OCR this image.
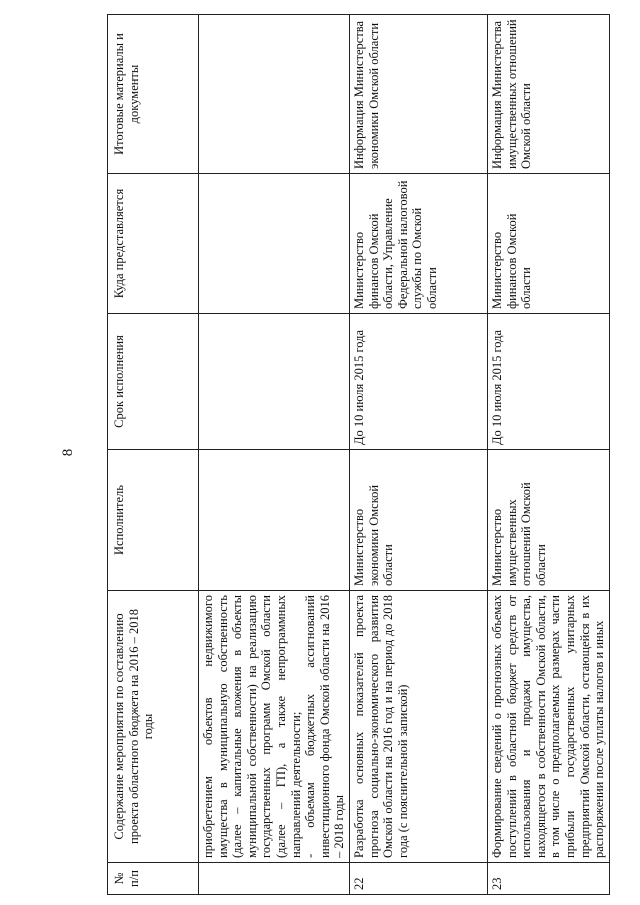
8
№ п/п	Содержание мероприятия по составлению проекта областного бюджета на 2016 – 2018 годы	Исполнитель	Срок исполнения	Куда представляется	Итоговые материалы и документы

	приобретением объектов недвижимого имущества в муниципальную собственность (далее – капитальные вложения в объекты муниципальной собственности) на реализацию государственных программ Омской области (далее – ГП), а также непрограммных направлений деятельности;
- объемам бюджетных ассигнований инвестиционного фонда Омской области на 2016 – 2018 годы				

22	Разработка основных показателей проекта прогноза социально-экономического развития Омской области на 2016 год и на период до 2018 года (с пояснительной запиской)	Министерство экономики Омской области	До 10 июля 2015 года	Министерство финансов Омской области, Управление Федеральной налоговой службы по Омской области	Информация Министерства экономики Омской области
23	Формирование сведений о прогнозных объемах поступлений в областной бюджет средств от использования и продажи имущества, находящегося в собственности Омской области, в том числе о предполагаемых размерах части прибыли государственных унитарных предприятий Омской области, остающейся в их распоряжении после уплаты налогов и иных	Министерство имущественных отношений Омской области	До 10 июля 2015 года	Министерство финансов Омской области	Информация Министерства имущественных отношений Омской области
